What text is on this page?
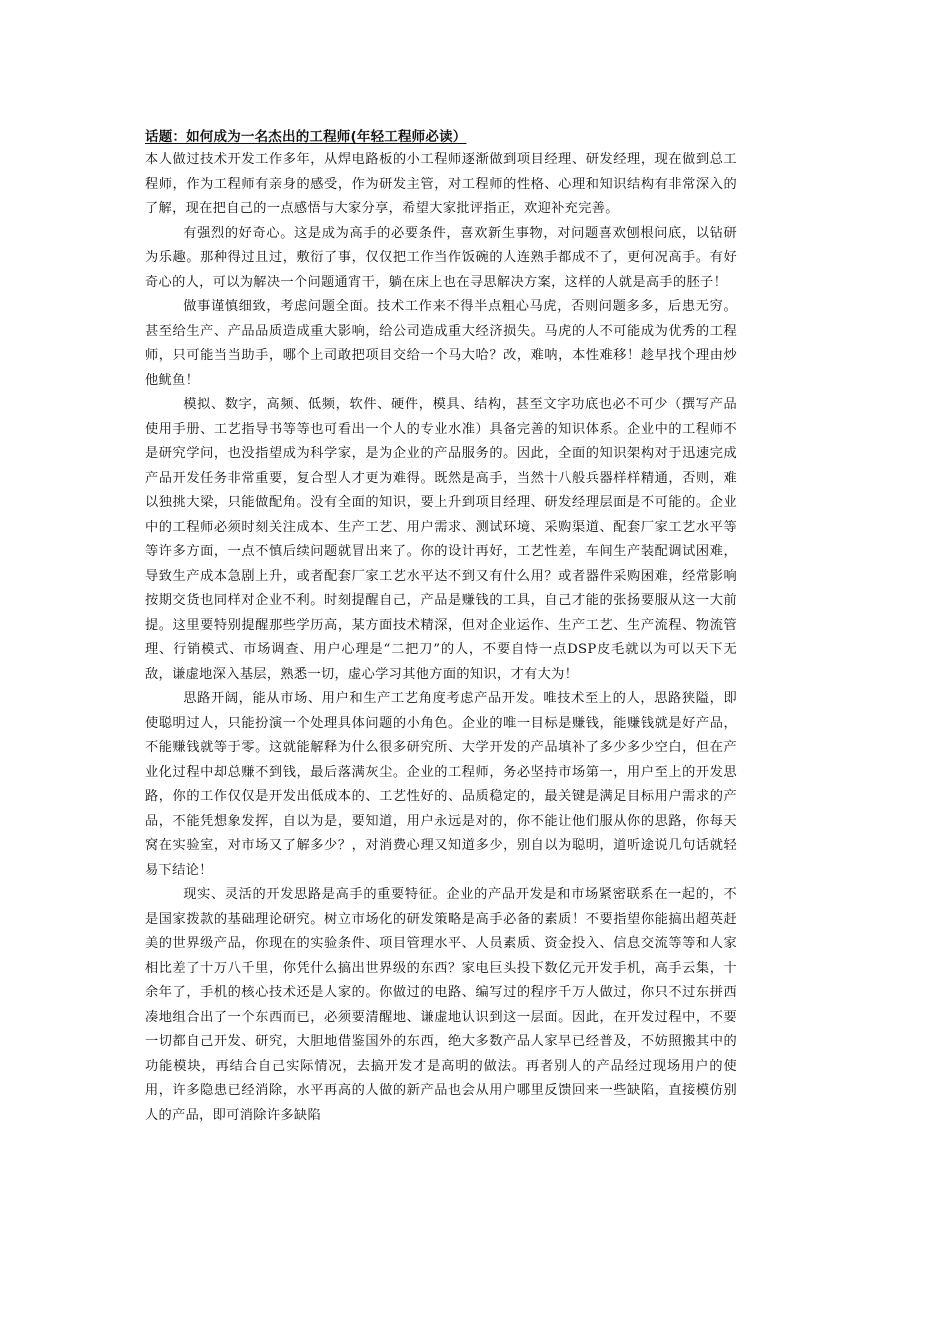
话题：如何成为一名杰出的工程师(年轻工程师必读）

本人做过技术开发工作多年，从焊电路板的小工程师逐渐做到项目经理、研发经理，现在做到总工程师，作为工程师有亲身的感受，作为研发主管，对工程师的性格、心理和知识结构有非常深入的了解，现在把自己的一点感悟与大家分享，希望大家批评指正，欢迎补充完善。

有强烈的好奇心。这是成为高手的必要条件，喜欢新生事物，对问题喜欢刨根问底，以钻研为乐趣。那种得过且过，敷衍了事，仅仅把工作当作饭碗的人连熟手都成不了，更何况高手。有好奇心的人，可以为解决一个问题通宵干，躺在床上也在寻思解决方案，这样的人就是高手的胚子！

做事谨慎细致，考虑问题全面。技术工作来不得半点粗心马虎，否则问题多多，后患无穷。甚至给生产、产品品质造成重大影响，给公司造成重大经济损失。马虎的人不可能成为优秀的工程师，只可能当当助手，哪个上司敢把项目交给一个马大哈？改，难呐，本性难移！趁早找个理由炒他鱿鱼！

模拟、数字，高频、低频，软件、硬件，模具、结构，甚至文字功底也必不可少（撰写产品使用手册、工艺指导书等等也可看出一个人的专业水准）具备完善的知识体系。企业中的工程师不是研究学问，也没指望成为科学家，是为企业的产品服务的。因此，全面的知识架构对于迅速完成产品开发任务非常重要，复合型人才更为难得。既然是高手，当然十八般兵器样样精通，否则，难以独挑大梁，只能做配角。没有全面的知识，要上升到项目经理、研发经理层面是不可能的。企业中的工程师必须时刻关注成本、生产工艺、用户需求、测试环境、采购渠道、配套厂家工艺水平等等许多方面，一点不慎后续问题就冒出来了。你的设计再好，工艺性差，车间生产装配调试困难，导致生产成本急剧上升，或者配套厂家工艺水平达不到又有什么用？或者器件采购困难，经常影响按期交货也同样对企业不利。时刻提醒自己，产品是赚钱的工具，自己才能的张扬要服从这一大前提。这里要特别提醒那些学历高，某方面技术精深，但对企业运作、生产工艺、生产流程、物流管理、行销模式、市场调查、用户心理是“二把刀”的人，不要自恃一点DSP皮毛就以为可以天下无敌，谦虚地深入基层，熟悉一切，虚心学习其他方面的知识，才有大为！

思路开阔，能从市场、用户和生产工艺角度考虑产品开发。唯技术至上的人，思路狭隘，即使聪明过人，只能扮演一个处理具体问题的小角色。企业的唯一目标是赚钱，能赚钱就是好产品，不能赚钱就等于零。这就能解释为什么很多研究所、大学开发的产品填补了多少多少空白，但在产业化过程中却总赚不到钱，最后落满灰尘。企业的工程师，务必坚持市场第一，用户至上的开发思路，你的工作仅仅是开发出低成本的、工艺性好的、品质稳定的，最关键是满足目标用户需求的产品，不能凭想象发挥，自以为是，要知道，用户永远是对的，你不能让他们服从你的思路，你每天窝在实验室，对市场又了解多少？，对消费心理又知道多少，别自以为聪明，道听途说几句话就轻易下结论！

现实、灵活的开发思路是高手的重要特征。企业的产品开发是和市场紧密联系在一起的，不是国家拨款的基础理论研究。树立市场化的研发策略是高手必备的素质！不要指望你能搞出超英赶美的世界级产品，你现在的实验条件、项目管理水平、人员素质、资金投入、信息交流等等和人家相比差了十万八千里，你凭什么搞出世界级的东西？家电巨头投下数亿元开发手机，高手云集，十余年了，手机的核心技术还是人家的。你做过的电路、编写过的程序千万人做过，你只不过东拼西凑地组合出了一个东西而已，必须要清醒地、谦虚地认识到这一层面。因此，在开发过程中，不要一切都自己开发、研究，大胆地借鉴国外的东西，绝大多数产品人家早已经普及，不妨照搬其中的功能模块，再结合自己实际情况，去搞开发才是高明的做法。再者别人的产品经过现场用户的使用，许多隐患已经消除，水平再高的人做的新产品也会从用户哪里反馈回来一些缺陷，直接模仿别人的产品，即可消除许多缺陷
